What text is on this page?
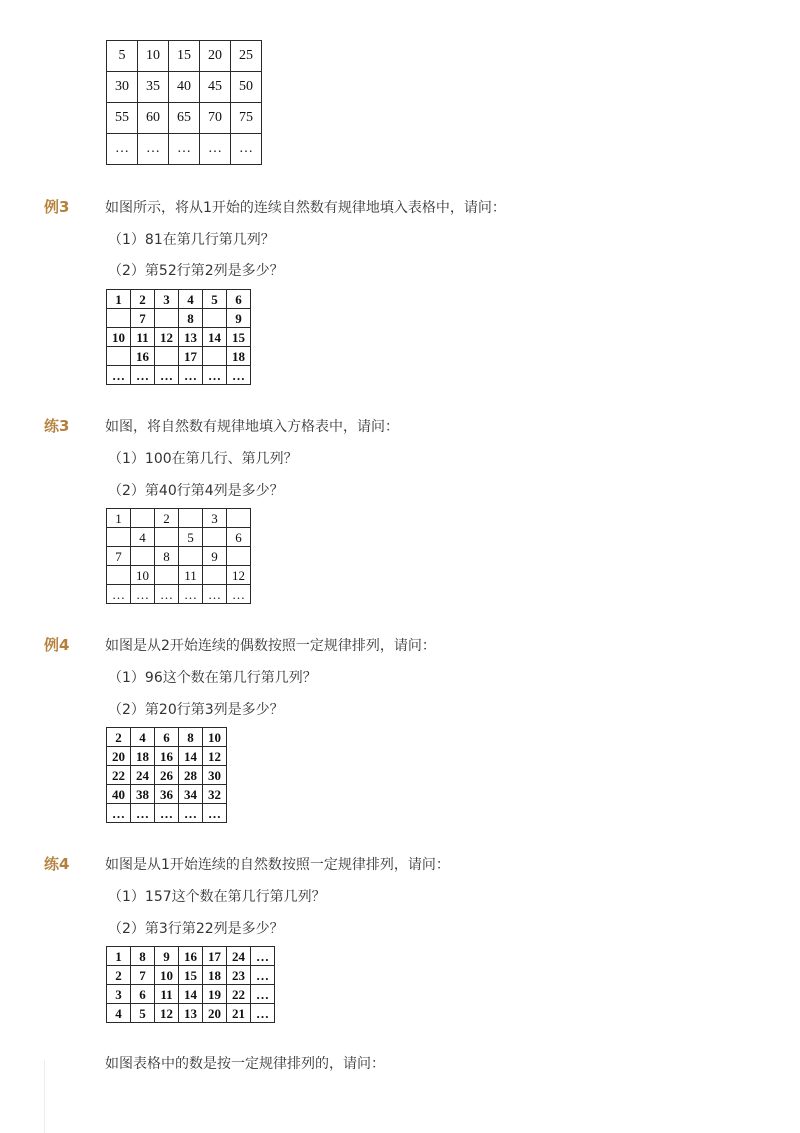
5	10	15	20	25
30	35	40	45	50
55	60	65	70	75
…	…	…	…	…
例3	如图所示，将从1开始的连续自然数有规律地填入表格中，请问：
（1）81在第几行第几列？
（2）第52行第2列是多少？
1	2	3	4	5	6
	7		8		9
10	11	12	13	14	15
	16		17		18
…	…	…	…	…	…
练3	如图，将自然数有规律地填入方格表中，请问：
（1）100在第几行、第几列？
（2）第40行第4列是多少？
1		2		3	
	4		5		6
7		8		9	
	10		11		12
…	…	…	…	…	…
例4	如图是从2开始连续的偶数按照一定规律排列，请问：
（1）96这个数在第几行第几列？
（2）第20行第3列是多少？
2	4	6	8	10
20	18	16	14	12
22	24	26	28	30
40	38	36	34	32
…	…	…	…	…
练4	如图是从1开始连续的自然数按照一定规律排列，请问：
（1）157这个数在第几行第几列？
（2）第3行第22列是多少？
1	8	9	16	17	24	…
2	7	10	15	18	23	…
3	6	11	14	19	22	…
4	5	12	13	20	21	…
如图表格中的数是按一定规律排列的，请问：
